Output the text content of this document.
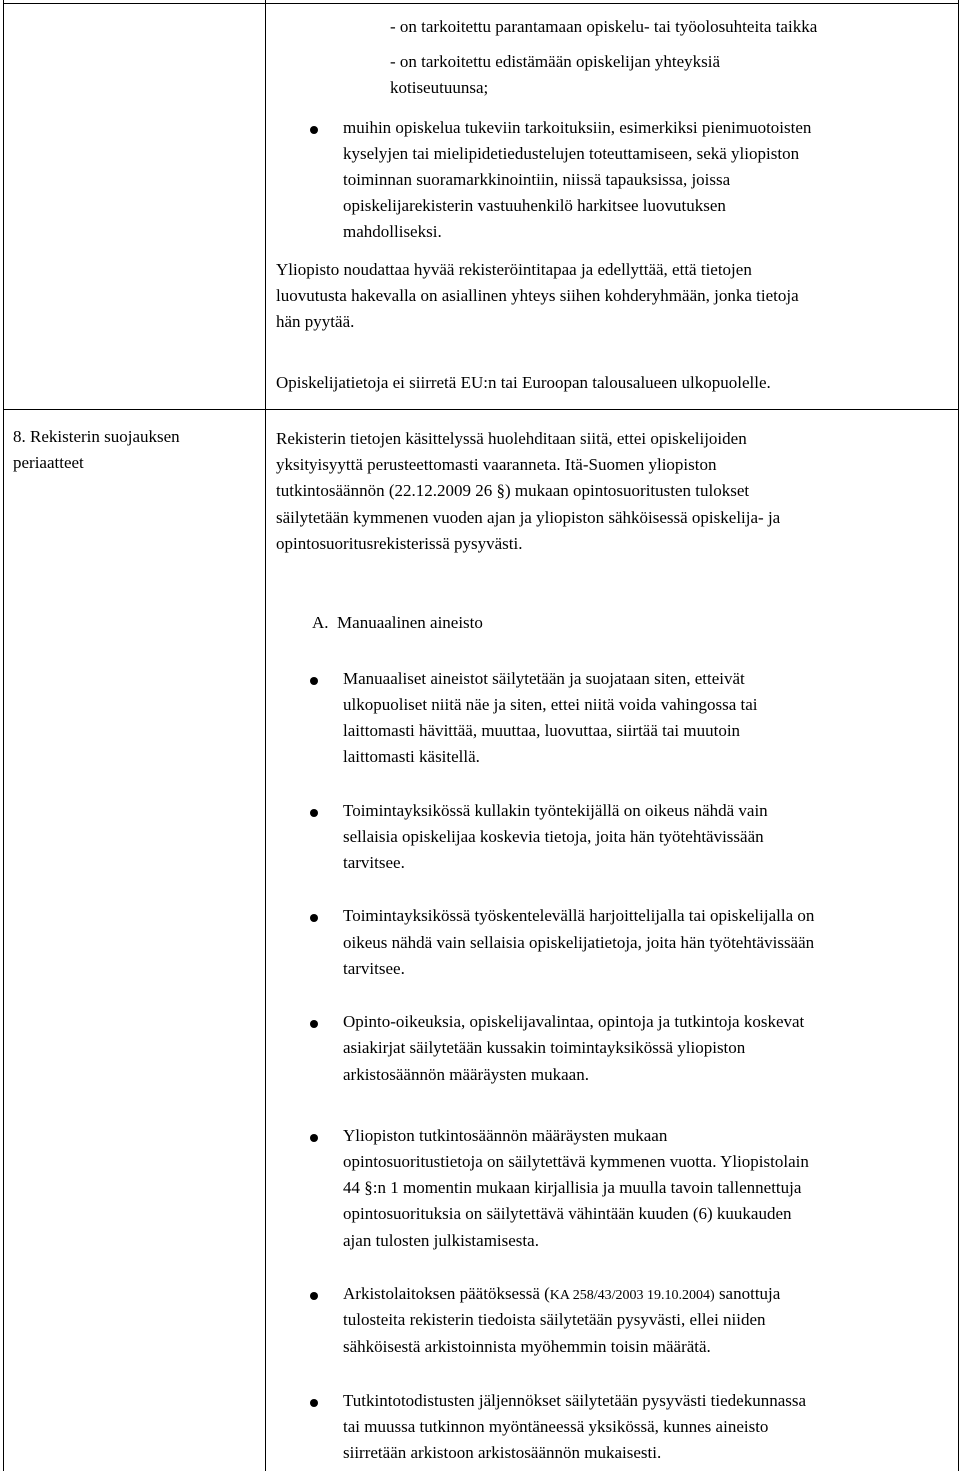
- on tarkoitettu parantamaan opiskelu- tai työolosuhteita taikka
- on tarkoitettu edistämään opiskelijan yhteyksiä
kotiseutuunsa;
muihin opiskelua tukeviin tarkoituksiin, esimerkiksi pienimuotoisten
kyselyjen tai mielipidetiedustelujen toteuttamiseen, sekä yliopiston
toiminnan suoramarkkinointiin, niissä tapauksissa, joissa
opiskelijarekisterin vastuuhenkilö harkitsee luovutuksen
mahdolliseksi.
Yliopisto noudattaa hyvää rekisteröintitapaa ja edellyttää, että tietojen
luovutusta hakevalla on asiallinen yhteys siihen kohderyhmään, jonka tietoja
hän pyytää.
Opiskelijatietoja ei siirretä EU:n tai Euroopan talousalueen ulkopuolelle.
8. Rekisterin suojauksen
periaatteet
Rekisterin tietojen käsittelyssä huolehditaan siitä, ettei opiskelijoiden
yksityisyyttä perusteettomasti vaaranneta. Itä-Suomen yliopiston
tutkintosäännön (22.12.2009 26 §) mukaan opintosuoritusten tulokset
säilytetään kymmenen vuoden ajan ja yliopiston sähköisessä opiskelija- ja
opintosuoritusrekisterissä pysyvästi.
A.  Manuaalinen aineisto
Manuaaliset aineistot säilytetään ja suojataan siten, etteivät
ulkopuoliset niitä näe ja siten, ettei niitä voida vahingossa tai
laittomasti hävittää, muuttaa, luovuttaa, siirtää tai muutoin
laittomasti käsitellä.
Toimintayksikössä kullakin työntekijällä on oikeus nähdä vain
sellaisia opiskelijaa koskevia tietoja, joita hän työtehtävissään
tarvitsee.
Toimintayksikössä työskentelevällä harjoittelijalla tai opiskelijalla on
oikeus nähdä vain sellaisia opiskelijatietoja, joita hän työtehtävissään
tarvitsee.
Opinto-oikeuksia, opiskelijavalintaa, opintoja ja tutkintoja koskevat
asiakirjat säilytetään kussakin toimintayksikössä yliopiston
arkistosäännön määräysten mukaan.
Yliopiston tutkintosäännön määräysten mukaan
opintosuoritustietoja on säilytettävä kymmenen vuotta. Yliopistolain
44 §:n 1 momentin mukaan kirjallisia ja muulla tavoin tallennettuja
opintosuorituksia on säilytettävä vähintään kuuden (6) kuukauden
ajan tulosten julkistamisesta.
Arkistolaitoksen päätöksessä (KA 258/43/2003 19.10.2004) sanottuja
tulosteita rekisterin tiedoista säilytetään pysyvästi, ellei niiden
sähköisestä arkistoinnista myöhemmin toisin määrätä.
Tutkintotodistusten jäljennökset säilytetään pysyvästi tiedekunnassa
tai muussa tutkinnon myöntäneessä yksikössä, kunnes aineisto
siirretään arkistoon arkistosäännön mukaisesti.
